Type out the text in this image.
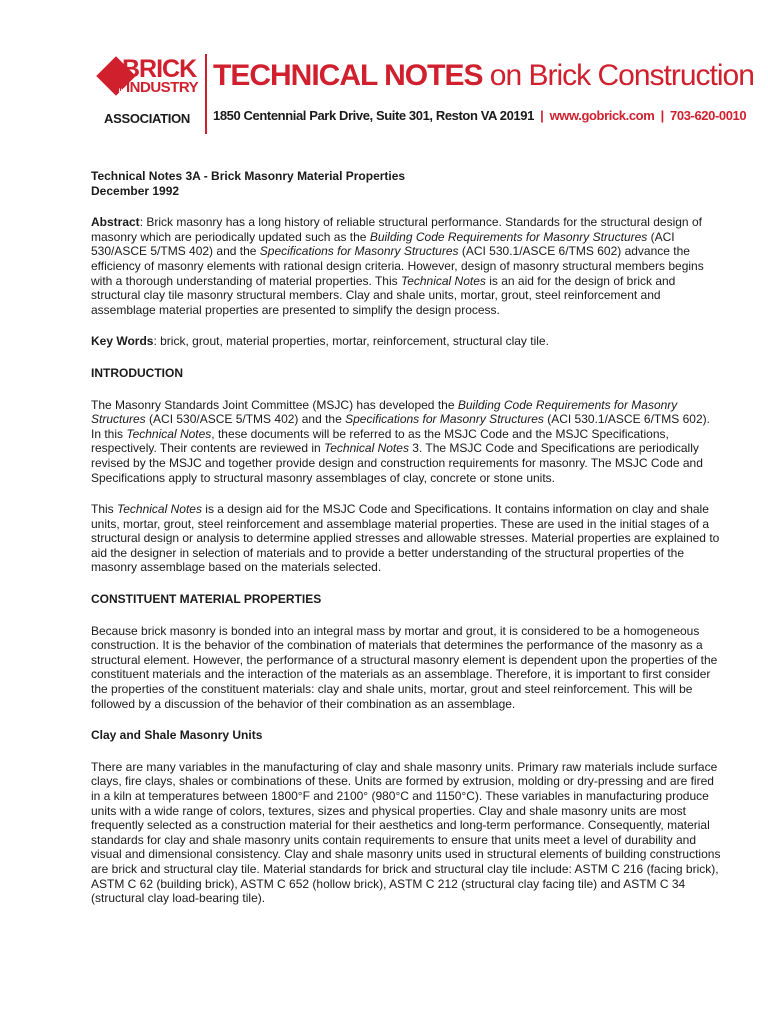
THE
BRICK
INDUSTRY
ASSOCIATION
TECHNICAL NOTES on Brick Construction
1850 Centennial Park Drive, Suite 301, Reston VA 20191 | www.gobrick.com | 703-620-0010
Technical Notes 3A - Brick Masonry Material Properties
December 1992

Abstract: Brick masonry has a long history of reliable structural performance. Standards for the structural design of masonry which are periodically updated such as the Building Code Requirements for Masonry Structures (ACI 530/ASCE 5/TMS 402) and the Specifications for Masonry Structures (ACI 530.1/ASCE 6/TMS 602) advance the efficiency of masonry elements with rational design criteria. However, design of masonry structural members begins with a thorough understanding of material properties. This Technical Notes is an aid for the design of brick and structural clay tile masonry structural members. Clay and shale units, mortar, grout, steel reinforcement and assemblage material properties are presented to simplify the design process.

Key Words: brick, grout, material properties, mortar, reinforcement, structural clay tile.

INTRODUCTION

The Masonry Standards Joint Committee (MSJC) has developed the Building Code Requirements for Masonry Structures (ACI 530/ASCE 5/TMS 402) and the Specifications for Masonry Structures (ACI 530.1/ASCE 6/TMS 602). In this Technical Notes, these documents will be referred to as the MSJC Code and the MSJC Specifications, respectively. Their contents are reviewed in Technical Notes 3. The MSJC Code and Specifications are periodically revised by the MSJC and together provide design and construction requirements for masonry. The MSJC Code and Specifications apply to structural masonry assemblages of clay, concrete or stone units.

This Technical Notes is a design aid for the MSJC Code and Specifications. It contains information on clay and shale units, mortar, grout, steel reinforcement and assemblage material properties. These are used in the initial stages of a structural design or analysis to determine applied stresses and allowable stresses. Material properties are explained to aid the designer in selection of materials and to provide a better understanding of the structural properties of the masonry assemblage based on the materials selected.

CONSTITUENT MATERIAL PROPERTIES

Because brick masonry is bonded into an integral mass by mortar and grout, it is considered to be a homogeneous construction. It is the behavior of the combination of materials that determines the performance of the masonry as a structural element. However, the performance of a structural masonry element is dependent upon the properties of the constituent materials and the interaction of the materials as an assemblage. Therefore, it is important to first consider the properties of the constituent materials: clay and shale units, mortar, grout and steel reinforcement. This will be followed by a discussion of the behavior of their combination as an assemblage.

Clay and Shale Masonry Units

There are many variables in the manufacturing of clay and shale masonry units. Primary raw materials include surface clays, fire clays, shales or combinations of these. Units are formed by extrusion, molding or dry-pressing and are fired in a kiln at temperatures between 1800°F and 2100° (980°C and 1150°C). These variables in manufacturing produce units with a wide range of colors, textures, sizes and physical properties. Clay and shale masonry units are most frequently selected as a construction material for their aesthetics and long-term performance. Consequently, material standards for clay and shale masonry units contain requirements to ensure that units meet a level of durability and visual and dimensional consistency. Clay and shale masonry units used in structural elements of building constructions are brick and structural clay tile. Material standards for brick and structural clay tile include: ASTM C 216 (facing brick), ASTM C 62 (building brick), ASTM C 652 (hollow brick), ASTM C 212 (structural clay facing tile) and ASTM C 34 (structural clay load-bearing tile).
